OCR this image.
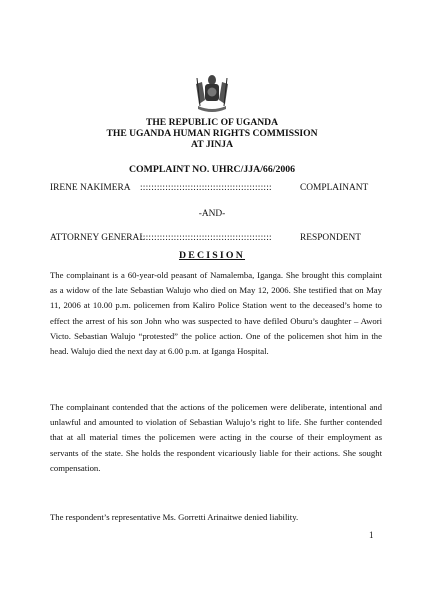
THE REPUBLIC OF UGANDA
THE UGANDA HUMAN RIGHTS COMMISSION
AT JINJA
COMPLAINT NO. UHRC/JJA/66/2006
IRENE NAKIMERA :::::::::::::::::::::::::::::::::::::::::::::::	COMPLAINANT
-AND-
ATTORNEY GENERAL
:::::::::::::::::::::::::::::::::::::::::::::::	RESPONDENT
DECISION

The complainant is a 60-year-old peasant of Namalemba, Iganga. She brought this complaint as a widow of the late Sebastian Walujo who died on May 12, 2006. She testified that on May 11, 2006 at 10.00 p.m. policemen from Kaliro Police Station went to the deceased’s home to effect the arrest of his son John who was suspected to have defiled Oburu’s daughter – Awori Victo. Sebastian Walujo “protested” the police action. One of the policemen shot him in the head. Walujo died the next day at 6.00 p.m. at Iganga Hospital.

The complainant contended that the actions of the policemen were deliberate, intentional and unlawful and amounted to violation of Sebastian Walujo’s right to life. She further contended that at all material times the policemen were acting in the course of their employment as servants of the state. She holds the respondent vicariously liable for their actions. She sought compensation.

The respondent’s representative Ms. Gorretti Arinaitwe denied liability.

1
